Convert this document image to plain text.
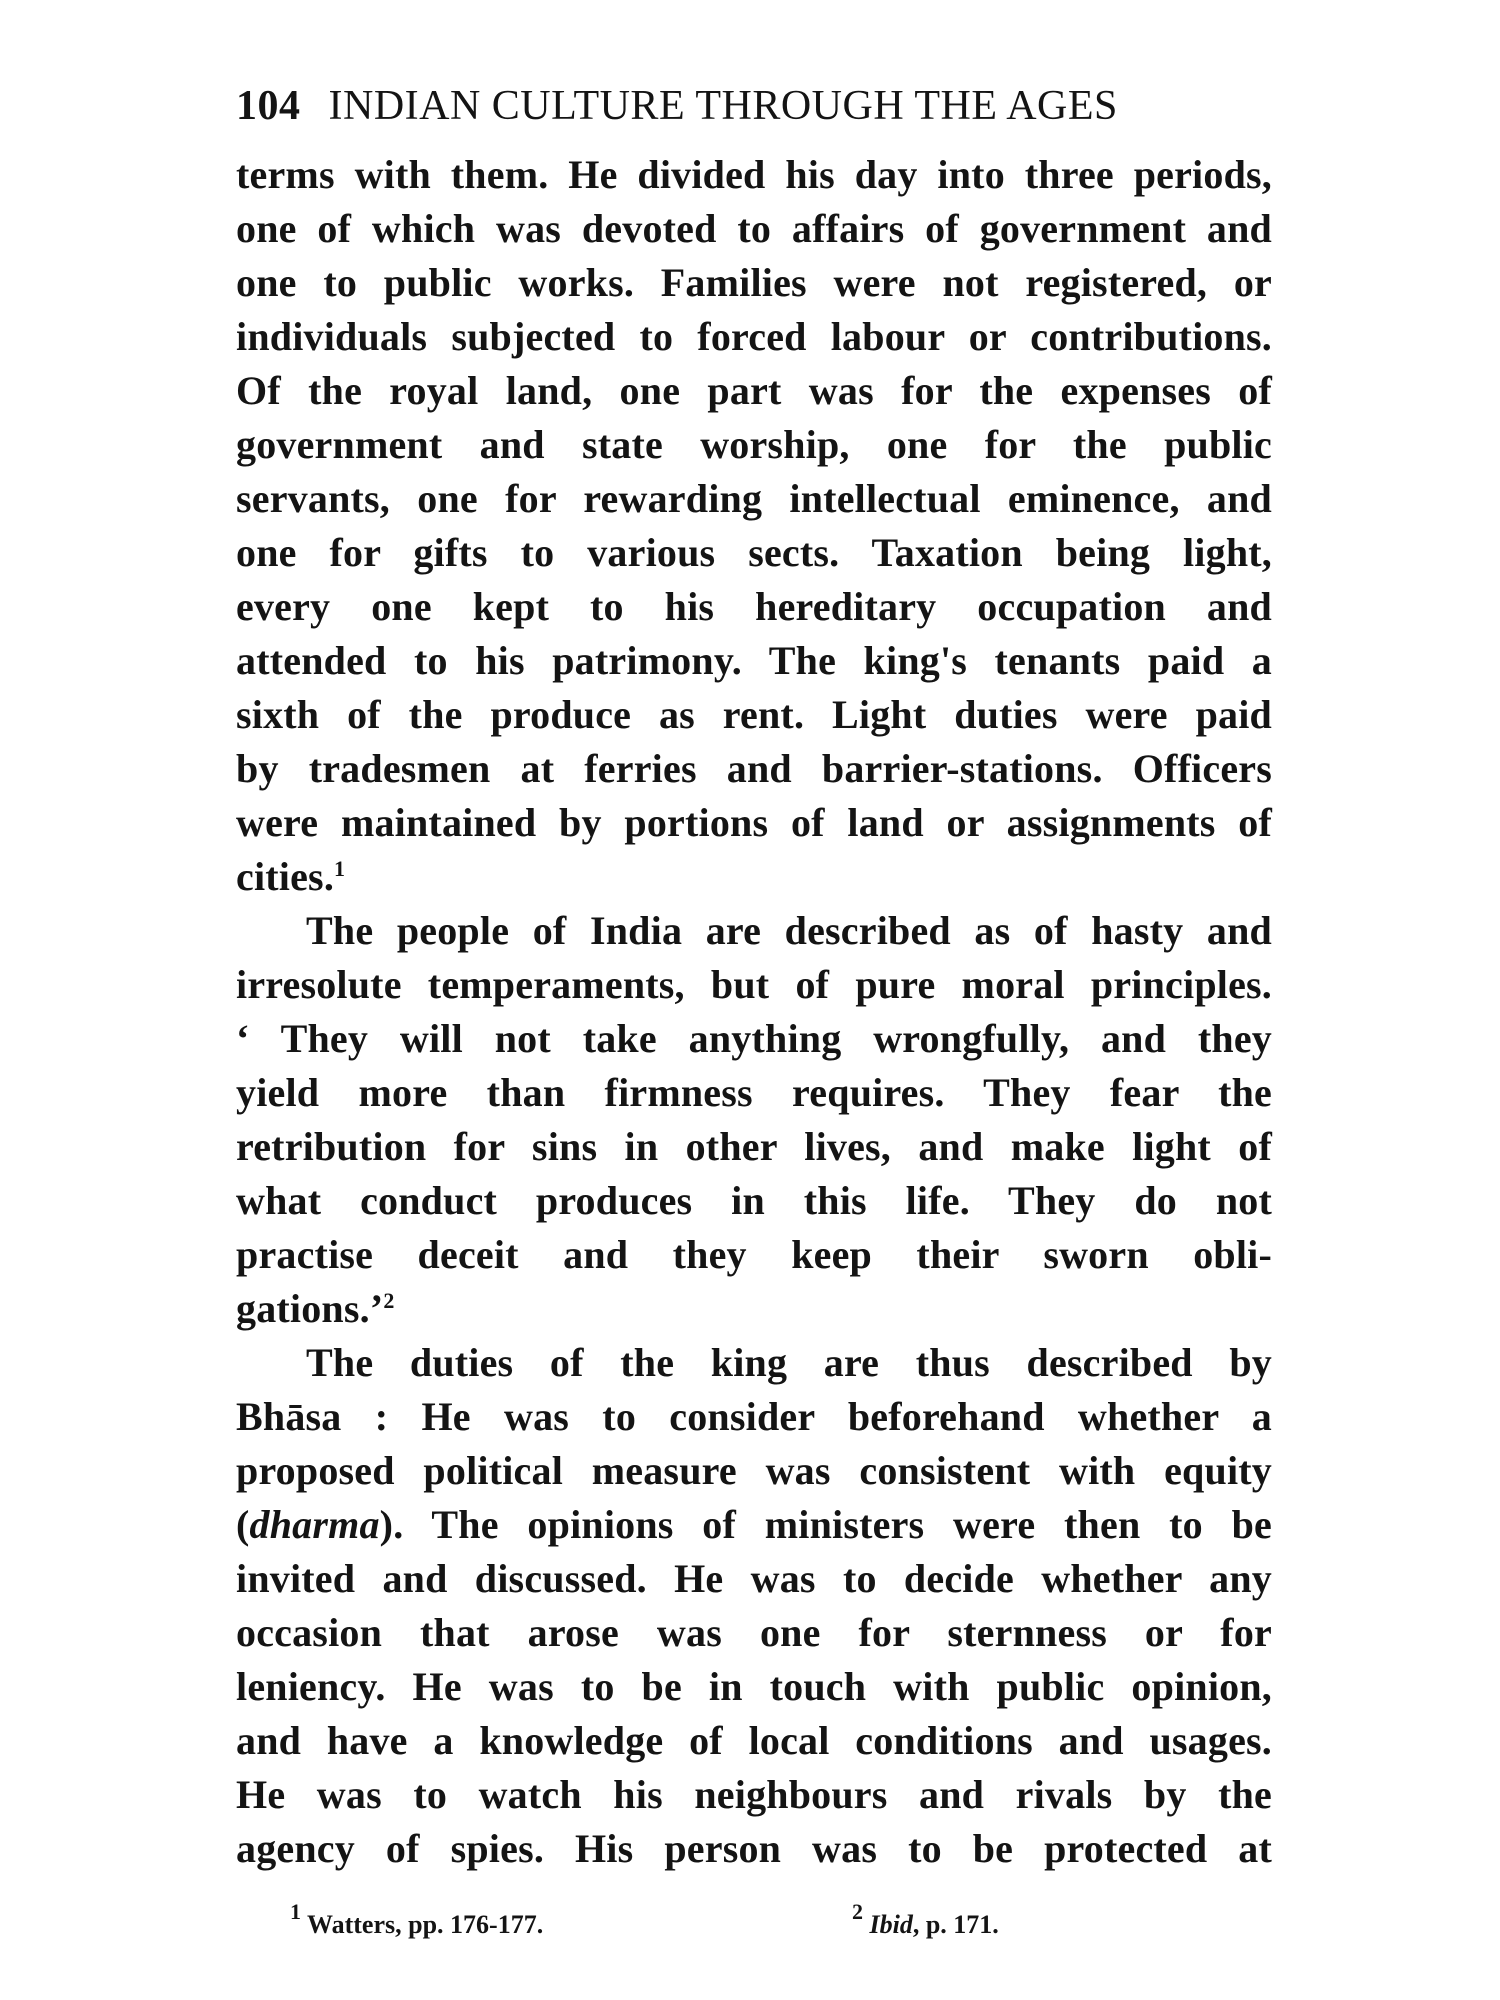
104 INDIAN CULTURE THROUGH THE AGES
terms with them. He divided his day into three periods,
one of which was devoted to affairs of government and
one to public works. Families were not registered, or
individuals subjected to forced labour or contributions.
Of the royal land, one part was for the expenses of
government and state worship, one for the public
servants, one for rewarding intellectual eminence, and
one for gifts to various sects. Taxation being light,
every one kept to his hereditary occupation and
attended to his patrimony. The king's tenants paid a
sixth of the produce as rent. Light duties were paid
by tradesmen at ferries and barrier-stations. Officers
were maintained by portions of land or assignments of
cities.$^1$
The people of India are described as of hasty and
irresolute temperaments, but of pure moral principles.
‘ They will not take anything wrongfully, and they
yield more than firmness requires. They fear the
retribution for sins in other lives, and make light of
what conduct produces in this life. They do not
practise deceit and they keep their sworn obli-
gations.’$^2$
The duties of the king are thus described by
Bhāsa : He was to consider beforehand whether a
proposed political measure was consistent with equity
(dharma). The opinions of ministers were then to be
invited and discussed. He was to decide whether any
occasion that arose was one for sternness or for
leniency. He was to be in touch with public opinion,
and have a knowledge of local conditions and usages.
He was to watch his neighbours and rivals by the
agency of spies. His person was to be protected at
$^1$ Watters, pp. 176-177.	$^2$ Ibid, p. 171.
